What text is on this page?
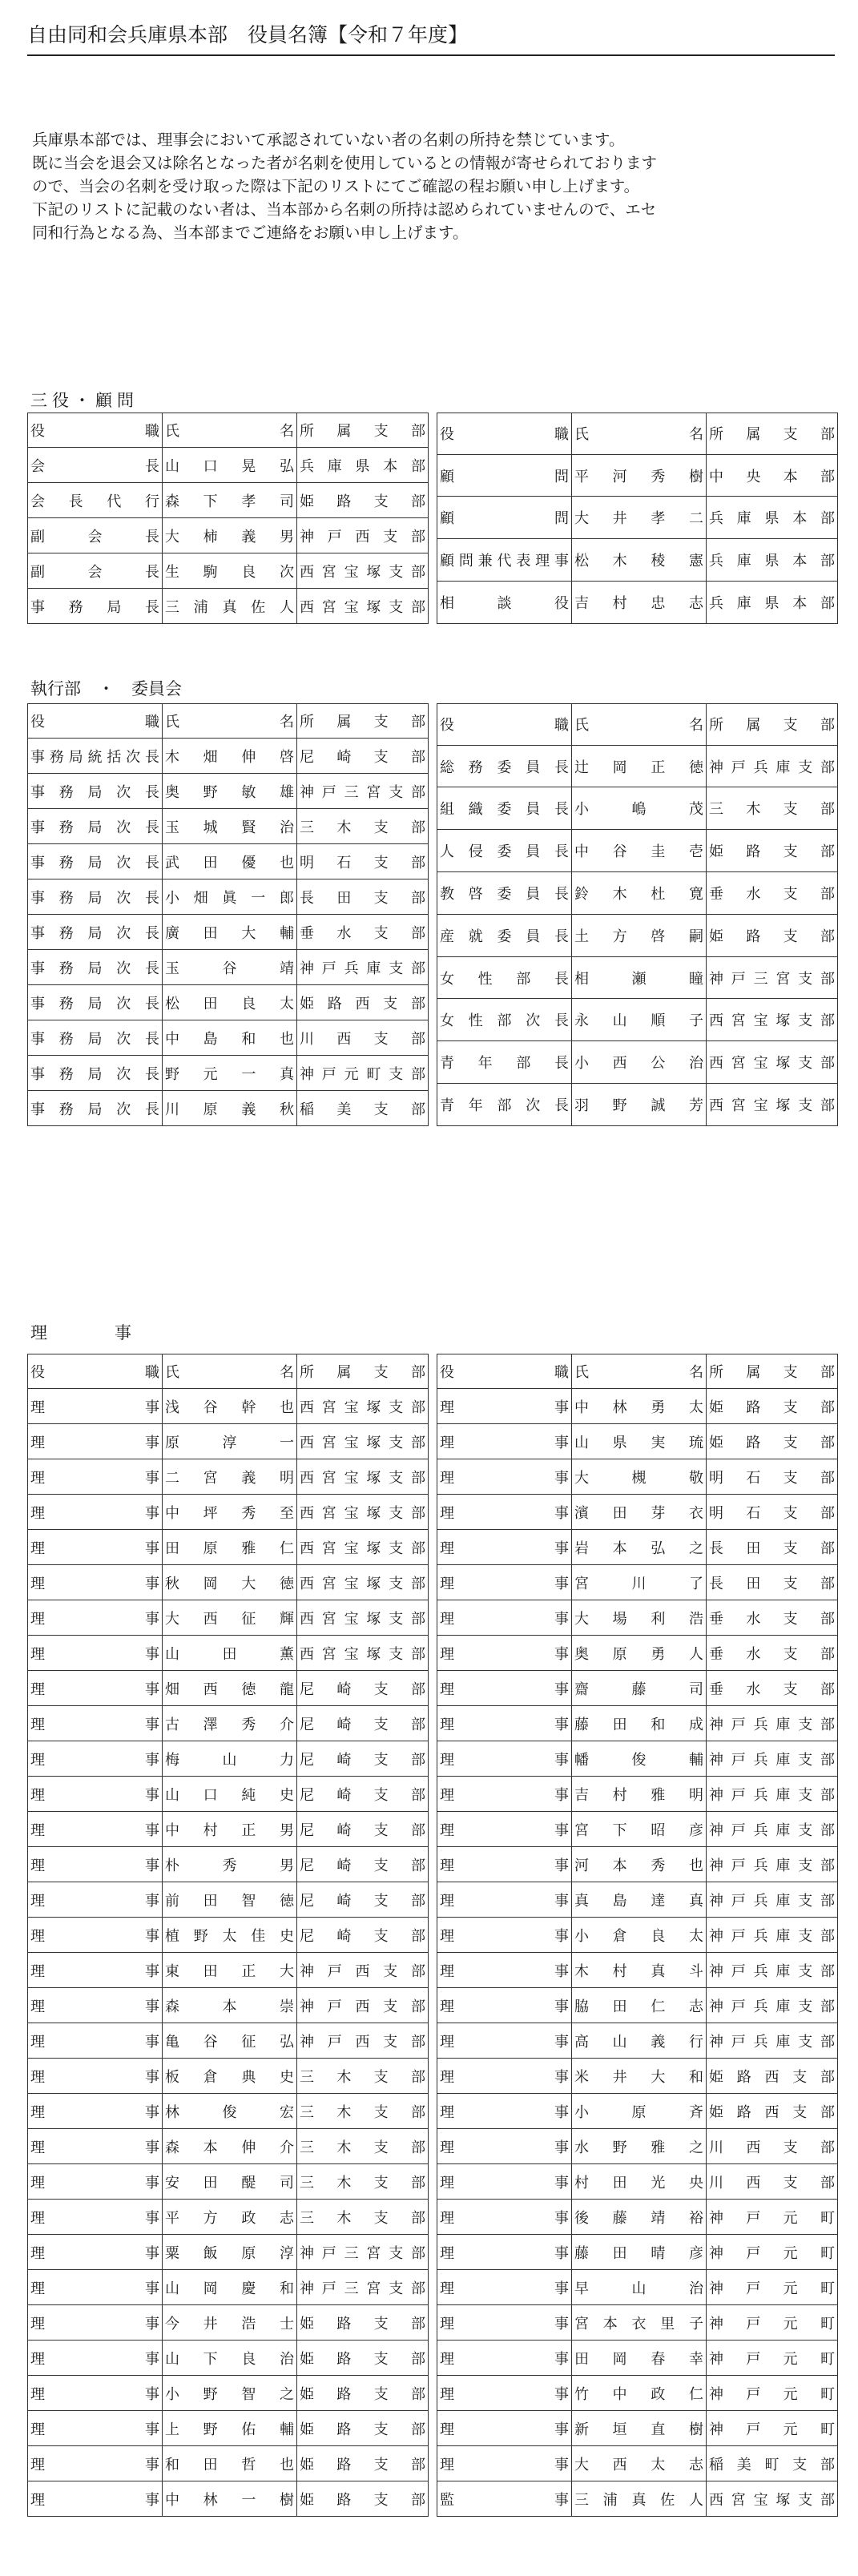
自由同和会兵庫県本部　役員名簿【令和７年度】

兵庫県本部では、理事会において承認されていない者の名刺の所持を禁じています。

既に当会を退会又は除名となった者が名刺を使用しているとの情報が寄せられております

ので、当会の名刺を受け取った際は下記のリストにてご確認の程お願い申し上げます。

下記のリストに記載のない者は、当本部から名刺の所持は認められていませんので、エセ

同和行為となる為、当本部までご連絡をお願い申し上げます。

三役・顧問
役職	氏名	所属支部
会長	山口晃弘	兵庫県本部
会長代行	森下孝司	姫路支部
副会長	大柿義男	神戸西支部
副会長	生駒良次	西宮宝塚支部
事務局長	三浦真佐人	西宮宝塚支部
役職	氏名	所属支部
顧問	平河秀樹	中央本部
顧問	大井孝二	兵庫県本部
顧問兼代表理事	松木稜憲	兵庫県本部
相談役	吉村忠志	兵庫県本部
執行部　・　委員会
役職	氏名	所属支部
事務局統括次長	木畑伸啓	尼崎支部
事務局次長	奥野敏雄	神戸三宮支部
事務局次長	玉城賢治	三木支部
事務局次長	武田優也	明石支部
事務局次長	小畑眞一郎	長田支部
事務局次長	廣田大輔	垂水支部
事務局次長	玉谷靖	神戸兵庫支部
事務局次長	松田良太	姫路西支部
事務局次長	中島和也	川西支部
事務局次長	野元一真	神戸元町支部
事務局次長	川原義秋	稲美支部
役職	氏名	所属支部
総務委員長	辻岡正徳	神戸兵庫支部
組織委員長	小嶋茂	三木支部
人侵委員長	中谷圭壱	姫路支部
教啓委員長	鈴木杜寛	垂水支部
産就委員長	土方啓嗣	姫路支部
女性部長	相瀬瞳	神戸三宮支部
女性部次長	永山順子	西宮宝塚支部
青年部長	小西公治	西宮宝塚支部
青年部次長	羽野誠芳	西宮宝塚支部
理　　　　事
役職	氏名	所属支部
理事	浅谷幹也	西宮宝塚支部
理事	原淳一	西宮宝塚支部
理事	二宮義明	西宮宝塚支部
理事	中坪秀至	西宮宝塚支部
理事	田原雅仁	西宮宝塚支部
理事	秋岡大徳	西宮宝塚支部
理事	大西征輝	西宮宝塚支部
理事	山田薫	西宮宝塚支部
理事	畑西徳龍	尼崎支部
理事	古澤秀介	尼崎支部
理事	梅山力	尼崎支部
理事	山口純史	尼崎支部
理事	中村正男	尼崎支部
理事	朴秀男	尼崎支部
理事	前田智徳	尼崎支部
理事	植野太佳史	尼崎支部
理事	東田正大	神戸西支部
理事	森本崇	神戸西支部
理事	亀谷征弘	神戸西支部
理事	板倉典史	三木支部
理事	林俊宏	三木支部
理事	森本伸介	三木支部
理事	安田醍司	三木支部
理事	平方政志	三木支部
理事	粟飯原淳	神戸三宮支部
理事	山岡慶和	神戸三宮支部
理事	今井浩士	姫路支部
理事	山下良治	姫路支部
理事	小野智之	姫路支部
理事	上野佑輔	姫路支部
理事	和田哲也	姫路支部
理事	中林一樹	姫路支部
役職	氏名	所属支部
理事	中林勇太	姫路支部
理事	山県実琉	姫路支部
理事	大槻敬	明石支部
理事	濱田芽衣	明石支部
理事	岩本弘之	長田支部
理事	宮川了	長田支部
理事	大場利浩	垂水支部
理事	奥原勇人	垂水支部
理事	齋藤司	垂水支部
理事	藤田和成	神戸兵庫支部
理事	幡俊輔	神戸兵庫支部
理事	吉村雅明	神戸兵庫支部
理事	宮下昭彦	神戸兵庫支部
理事	河本秀也	神戸兵庫支部
理事	真島達真	神戸兵庫支部
理事	小倉良太	神戸兵庫支部
理事	木村真斗	神戸兵庫支部
理事	脇田仁志	神戸兵庫支部
理事	高山義行	神戸兵庫支部
理事	米井大和	姫路西支部
理事	小原斉	姫路西支部
理事	水野雅之	川西支部
理事	村田光央	川西支部
理事	後藤靖裕	神戸元町
理事	藤田晴彦	神戸元町
理事	早山治	神戸元町
理事	宮本衣里子	神戸元町
理事	田岡春幸	神戸元町
理事	竹中政仁	神戸元町
理事	新垣直樹	神戸元町
理事	大西太志	稲美町支部
監事	三浦真佐人	西宮宝塚支部
